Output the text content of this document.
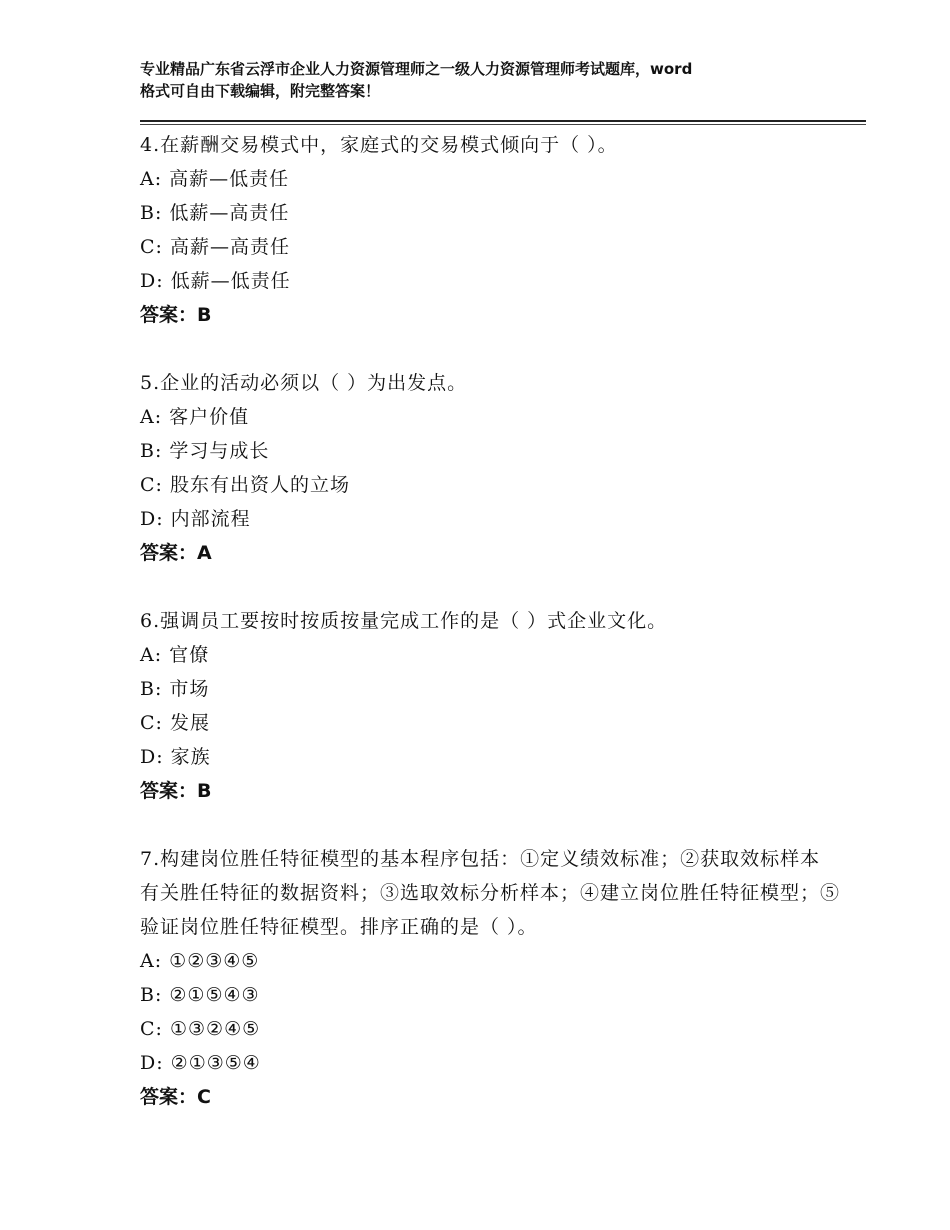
专业精品广东省云浮市企业人力资源管理师之一级人力资源管理师考试题库，word
格式可自由下载编辑，附完整答案！

4.在薪酬交易模式中，家庭式的交易模式倾向于（ ）。

A: 高薪—低责任

B: 低薪—高责任

C: 高薪—高责任

D: 低薪—低责任

答案：B

5.企业的活动必须以（ ）为出发点。

A: 客户价值

B: 学习与成长

C: 股东有出资人的立场

D: 内部流程

答案：A

6.强调员工要按时按质按量完成工作的是（ ）式企业文化。

A: 官僚

B: 市场

C: 发展

D: 家族

答案：B

7.构建岗位胜任特征模型的基本程序包括：①定义绩效标准；②获取效标样本有关胜任特征的数据资料；③选取效标分析样本；④建立岗位胜任特征模型；⑤验证岗位胜任特征模型。排序正确的是（ ）。

A: ①②③④⑤

B: ②①⑤④③

C: ①③②④⑤

D: ②①③⑤④

答案：C
